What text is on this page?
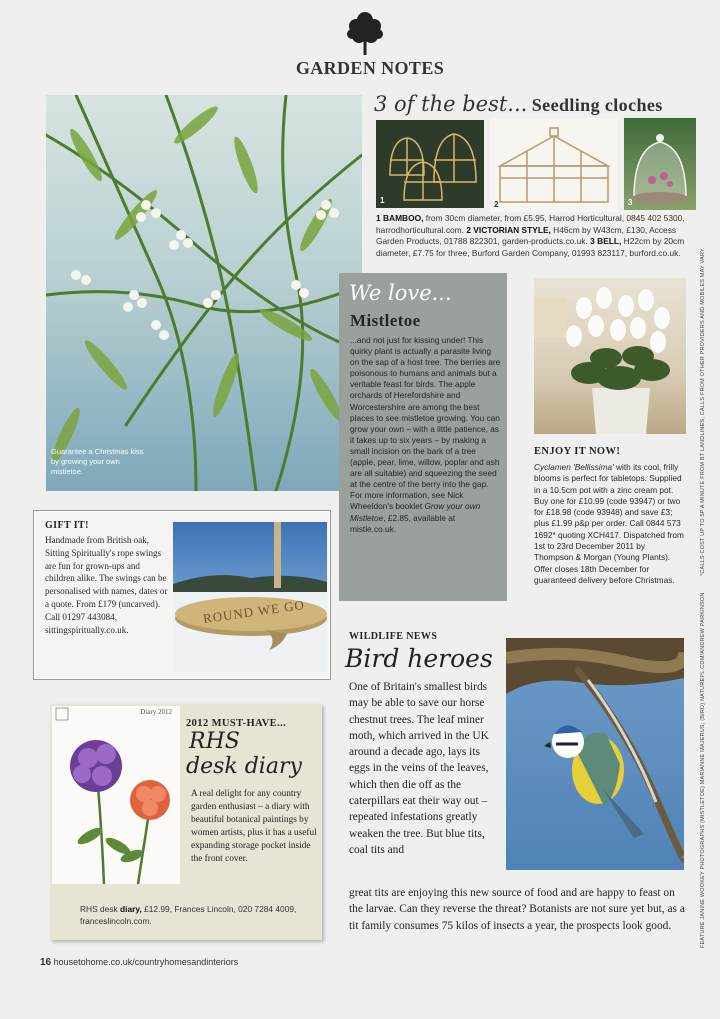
GARDEN NOTES
Guarantee a Christmas kiss by growing your own mistletoe.
3 of the best... Seedling cloches
1	2	3
1 BAMBOO, from 30cm diameter, from £5.95, Harrod Horticultural, 0845 402 5300, harrodhorticultural.com. 2 VICTORIAN STYLE, H46cm by W43cm, £130, Access Garden Products, 01788 822301, garden-products.co.uk. 3 BELL, H22cm by 20cm diameter, £7.75 for three, Burford Garden Company, 01993 823117, burford.co.uk.
We love...
Mistletoe
...and not just for kissing under! This quirky plant is actually a parasite living on the sap of a host tree. The berries are poisonous to humans and animals but a veritable feast for birds. The apple orchards of Herefordshire and Worcestershire are among the best places to see mistletoe growing. You can grow your own – with a little patience, as it takes up to six years – by making a small incision on the bark of a tree (apple, pear, lime, willow, poplar and ash are all suitable) and squeezing the seed at the centre of the berry into the gap. For more information, see Nick Wheeldon's booklet Grow your own Mistletoe, £2.85, available at mistle.co.uk.
ENJOY IT NOW!
Cyclamen 'Bellissima' with its cool, frilly blooms is perfect for tabletops. Supplied in a 10.5cm pot with a zinc cream pot. Buy one for £10.99 (code 93947) or two for £18.98 (code 93948) and save £3; plus £1.99 p&p per order. Call 0844 573 1692* quoting XCH417. Dispatched from 1st to 23rd December 2011 by Thompson & Morgan (Young Plants). Offer closes 18th December for guaranteed delivery before Christmas.
*CALLS COST UP TO 5P A MINUTE FROM BT LANDLINES; CALLS FROM OTHER PROVIDERS AND MOBILES MAY VARY.
FEATURE JANINE WOOKEY PHOTOGRAPHS (MISTLETOE) MARIANNE MAJERUS; (BIRD) NATUREPL.COM/ANDREW PARKINSON
GIFT IT!
Handmade from British oak, Sitting Spiritually's rope swings are fun for grown-ups and children alike. The swings can be personalised with names, dates or a quote. From £179 (uncarved). Call 01297 443084, sittingspiritually.co.uk.
ROUND WE GO
WILDLIFE NEWS
Bird heroes
One of Britain's smallest birds may be able to save our horse chestnut trees. The leaf miner moth, which arrived in the UK around a decade ago, lays its eggs in the veins of the leaves, which then die off as the caterpillars eat their way out – repeated infestations greatly weaken the tree. But blue tits, coal tits and
great tits are enjoying this new source of food and are happy to feast on the larvae. Can they reverse the threat? Botanists are not sure yet but, as a tit family consumes 75 kilos of insects a year, the prospects look good.
Diary 2012
2012 MUST-HAVE...
RHS
desk diary
A real delight for any country garden enthusiast – a diary with beautiful botanical paintings by women artists, plus it has a useful expanding storage pocket inside the front cover.
RHS desk diary, £12.99, Frances Lincoln, 020 7284 4009, franceslincoln.com.
16 housetohome.co.uk/countryhomesandinteriors
